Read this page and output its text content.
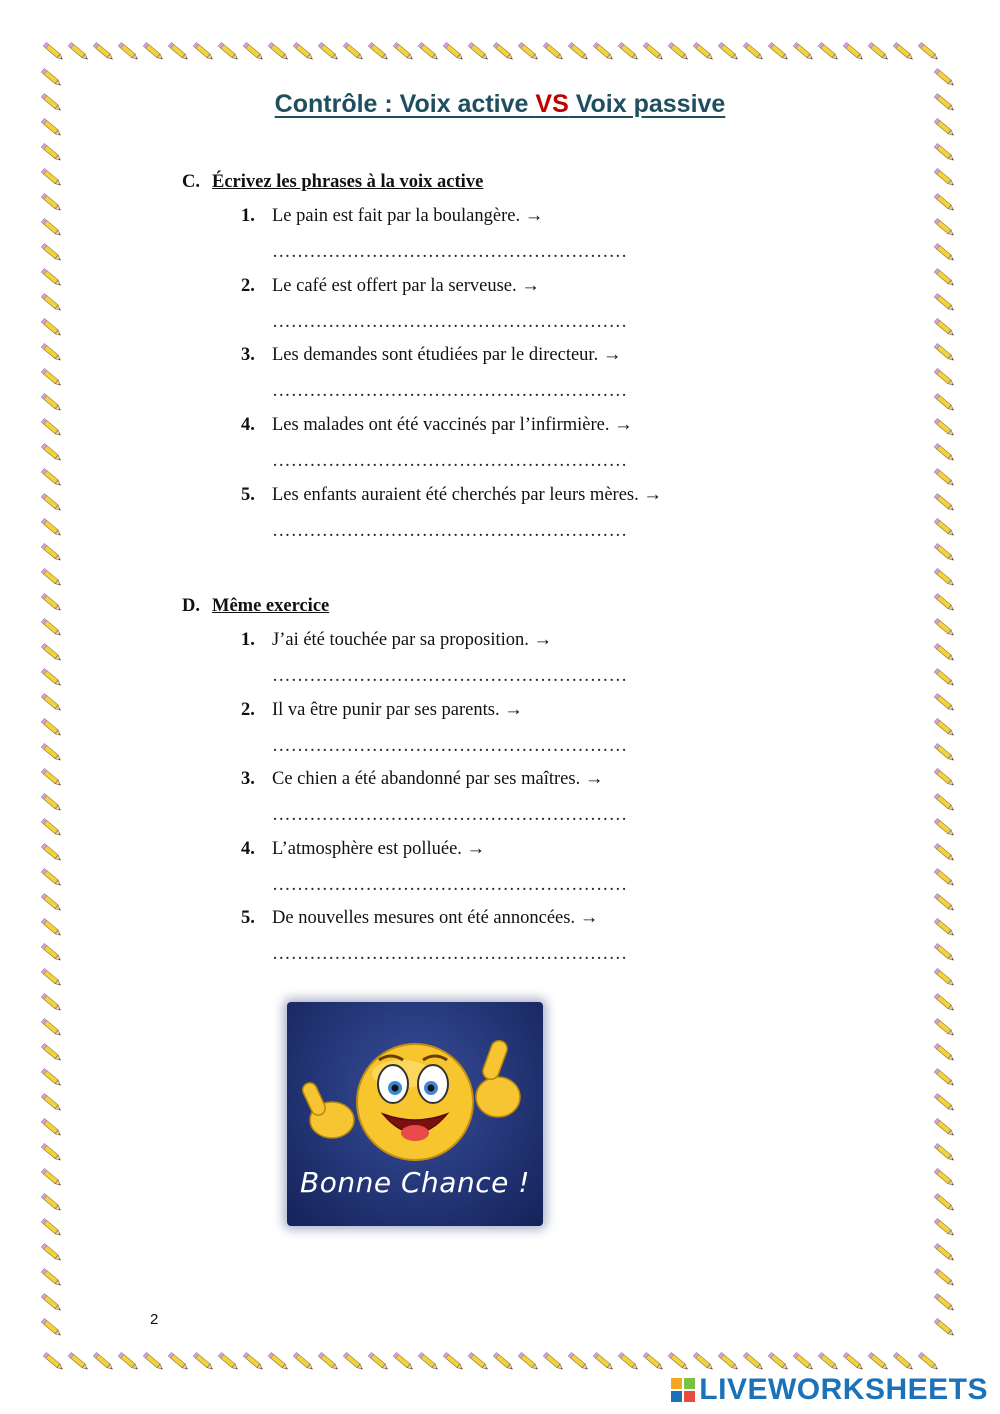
Contrôle : Voix active VS Voix passive
C. Écrivez les phrases à la voix active
1. Le pain est fait par la boulangère. →
…………………………………………………
2. Le café est offert par la serveuse. →
…………………………………………………
3. Les demandes sont étudiées par le directeur. →
…………………………………………………
4. Les malades ont été vaccinés par l’infirmière. →
…………………………………………………
5. Les enfants auraient été cherchés par leurs mères. →
…………………………………………………
D. Même exercice
1. J’ai été touchée par sa proposition. →
…………………………………………………
2. Il va être punir par ses parents. →
…………………………………………………
3. Ce chien a été abandonné par ses maîtres. →
…………………………………………………
4. L’atmosphère est polluée. →
…………………………………………………
5. De nouvelles mesures ont été annoncées. →
…………………………………………………
Bonne Chance !
2
LIVEWORKSHEETS
